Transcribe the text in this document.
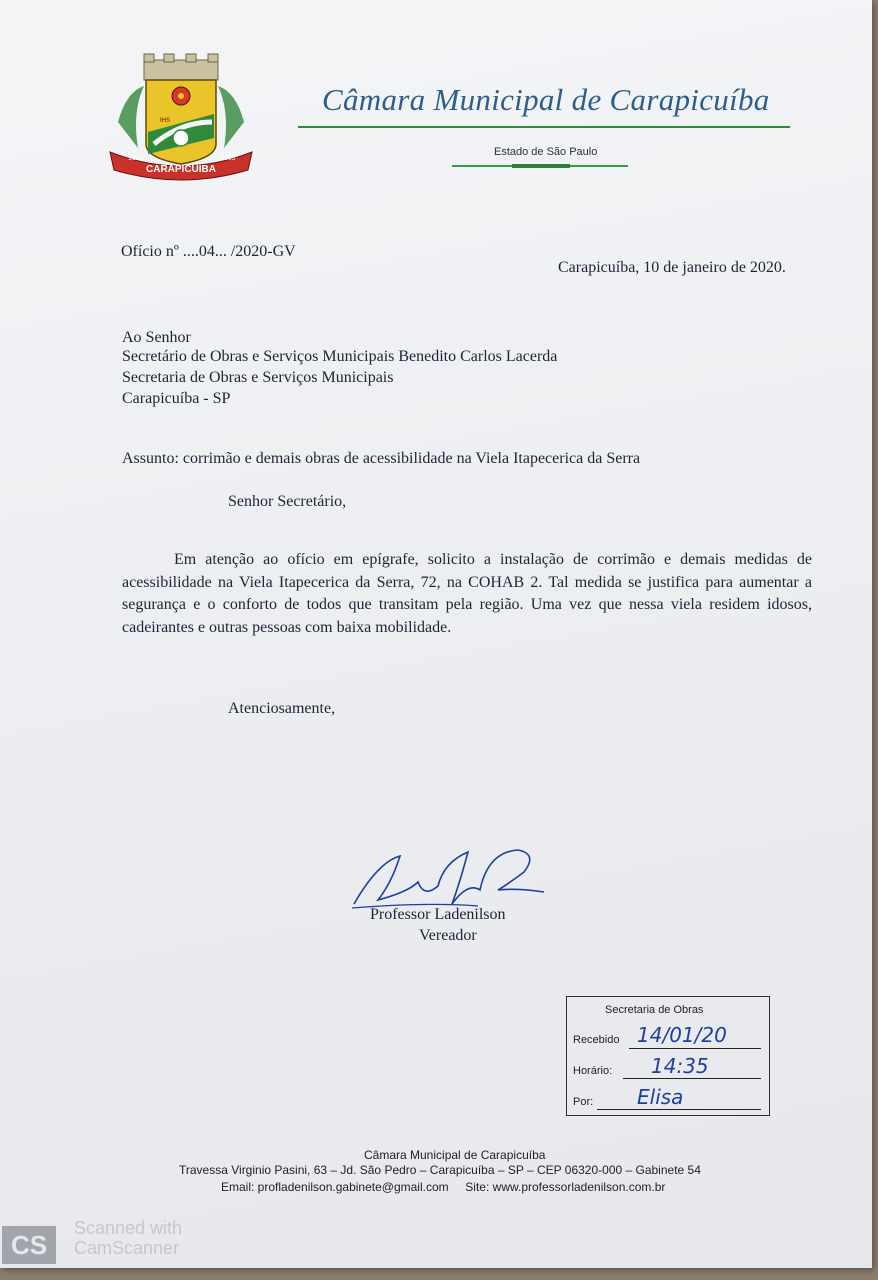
CARAPICUIBA
1580	1965
IHS
Câmara Municipal de Carapicuíba
Estado de São Paulo
Ofício nº ....04... /2020-GV
Carapicuíba, 10 de janeiro de 2020.
Ao Senhor
Secretário de Obras e Serviços Municipais Benedito Carlos Lacerda
Secretaria de Obras e Serviços Municipais
Carapicuíba - SP
Assunto: corrimão e demais obras de acessibilidade na Viela Itapecerica da Serra
Senhor Secretário,
Em atenção ao ofício em epígrafe, solicito a instalação de corrimão e demais medidas de acessibilidade na Viela Itapecerica da Serra, 72, na COHAB 2. Tal medida se justifica para aumentar a segurança e o conforto de todos que transitam pela região. Uma vez que nessa viela residem idosos, cadeirantes e outras pessoas com baixa mobilidade.
Atenciosamente,
Professor Ladenilson
Vereador
Secretaria de Obras
Recebido 14/01/20
Horário: 14:35
Por: Elisa
Câmara Municipal de Carapicuíba
Travessa Virginio Pasini, 63 – Jd. São Pedro – Carapicuíba – SP – CEP 06320-000 – Gabinete 54
Email: profladenilson.gabinete@gmail.com     Site: www.professorladenilson.com.br
CS
Scanned with
CamScanner
